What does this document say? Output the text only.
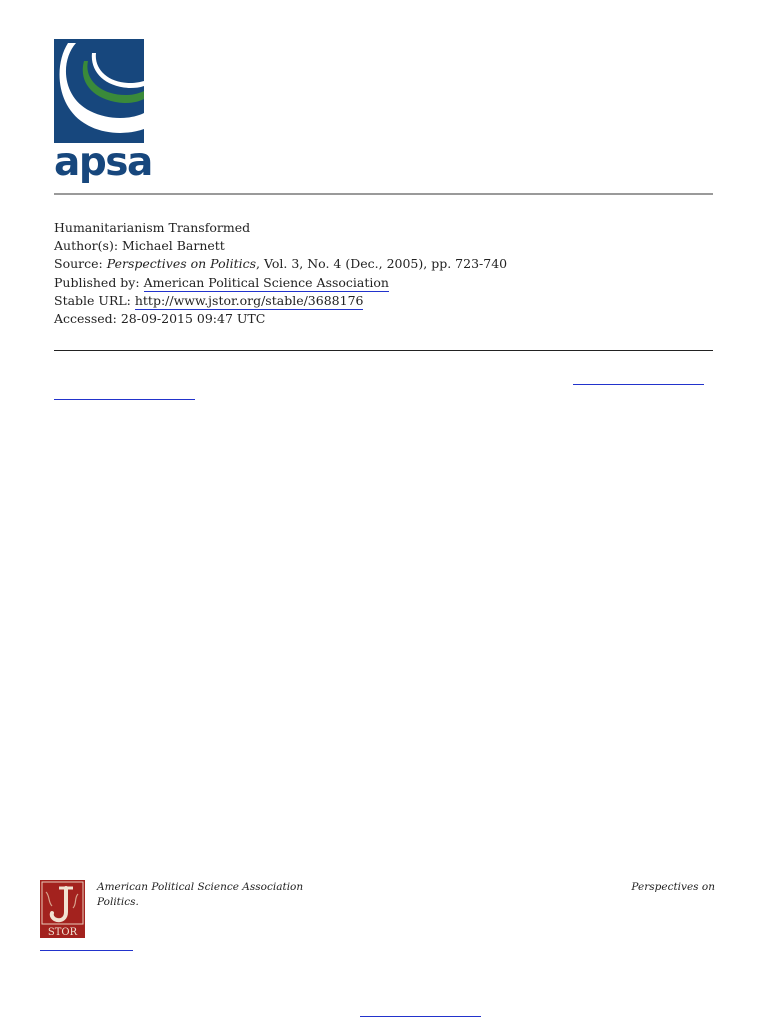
apsa
Humanitarianism Transformed
Author(s): Michael Barnett
Source: Perspectives on Politics, Vol. 3, No. 4 (Dec., 2005), pp. 723-740
Published by: American Political Science Association
Stable URL: http://www.jstor.org/stable/3688176
Accessed: 28-09-2015 09:47 UTC
STOR
American Political Science Association
Politics.
Perspectives on
